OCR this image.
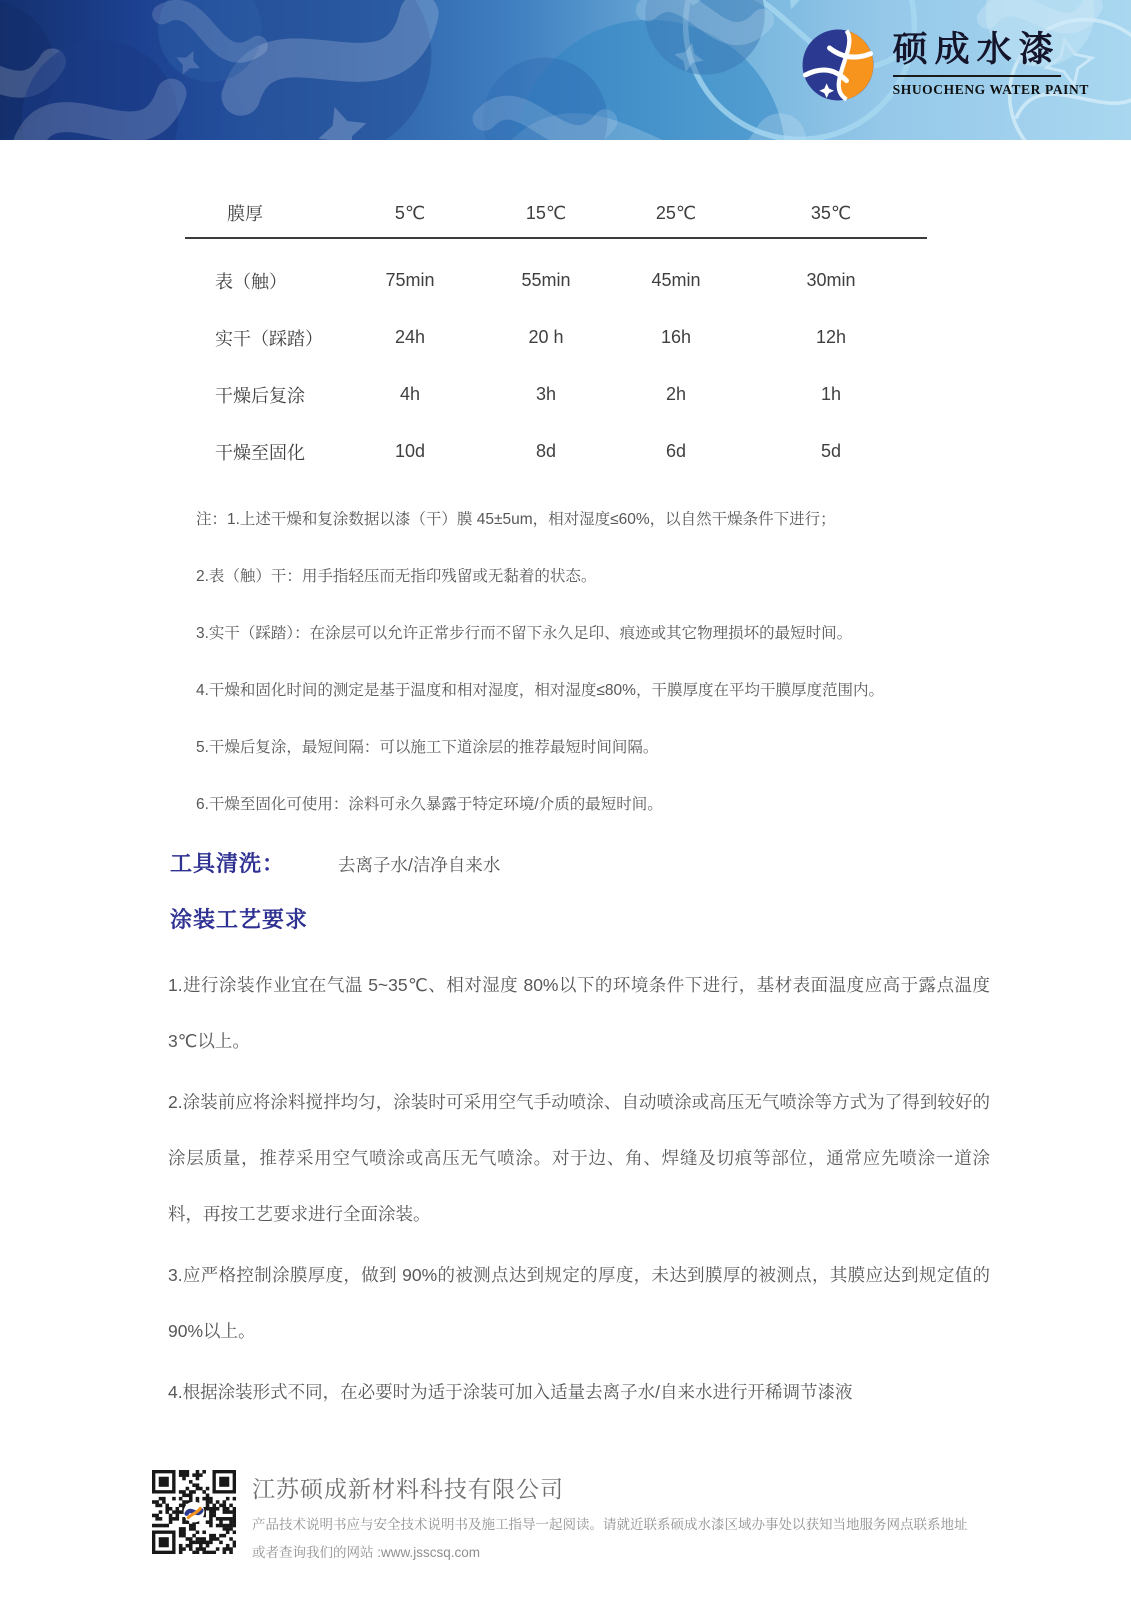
硕成水漆
SHUOCHENG WATER PAINT
膜厚	5℃	15℃	25℃	35℃
表（触）	75min	55min	45min	30min
实干（踩踏）	24h	20 h	16h	12h
干燥后复涂	4h	3h	2h	1h
干燥至固化	10d	8d	6d	5d

注：1.上述干燥和复涂数据以漆（干）膜 45±5um，相对湿度≤60%，以自然干燥条件下进行；

2.表（触）干：用手指轻压而无指印残留或无黏着的状态。

3.实干（踩踏）：在涂层可以允许正常步行而不留下永久足印、痕迹或其它物理损坏的最短时间。

4.干燥和固化时间的测定是基于温度和相对湿度，相对湿度≤80%，干膜厚度在平均干膜厚度范围内。

5.干燥后复涂，最短间隔：可以施工下道涂层的推荐最短时间间隔。

6.干燥至固化可使用：涂料可永久暴露于特定环境/介质的最短时间。

工具清洗：	去离子水/洁净自来水
涂装工艺要求

1.进行涂装作业宜在气温 5~35℃、相对湿度 80%以下的环境条件下进行，基材表面温度应高于露点温度 3℃以上。

2.涂装前应将涂料搅拌均匀，涂装时可采用空气手动喷涂、自动喷涂或高压无气喷涂等方式为了得到较好的涂层质量，推荐采用空气喷涂或高压无气喷涂。对于边、角、焊缝及切痕等部位，通常应先喷涂一道涂料，再按工艺要求进行全面涂装。

3.应严格控制涂膜厚度，做到 90%的被测点达到规定的厚度，未达到膜厚的被测点，其膜应达到规定值的 90%以上。

4.根据涂装形式不同，在必要时为适于涂装可加入适量去离子水/自来水进行开稀调节漆液

江苏硕成新材料科技有限公司
产品技术说明书应与安全技术说明书及施工指导一起阅读。请就近联系硕成水漆区域办事处以获知当地服务网点联系地址
或者查询我们的网站 :www.jsscsq.com
